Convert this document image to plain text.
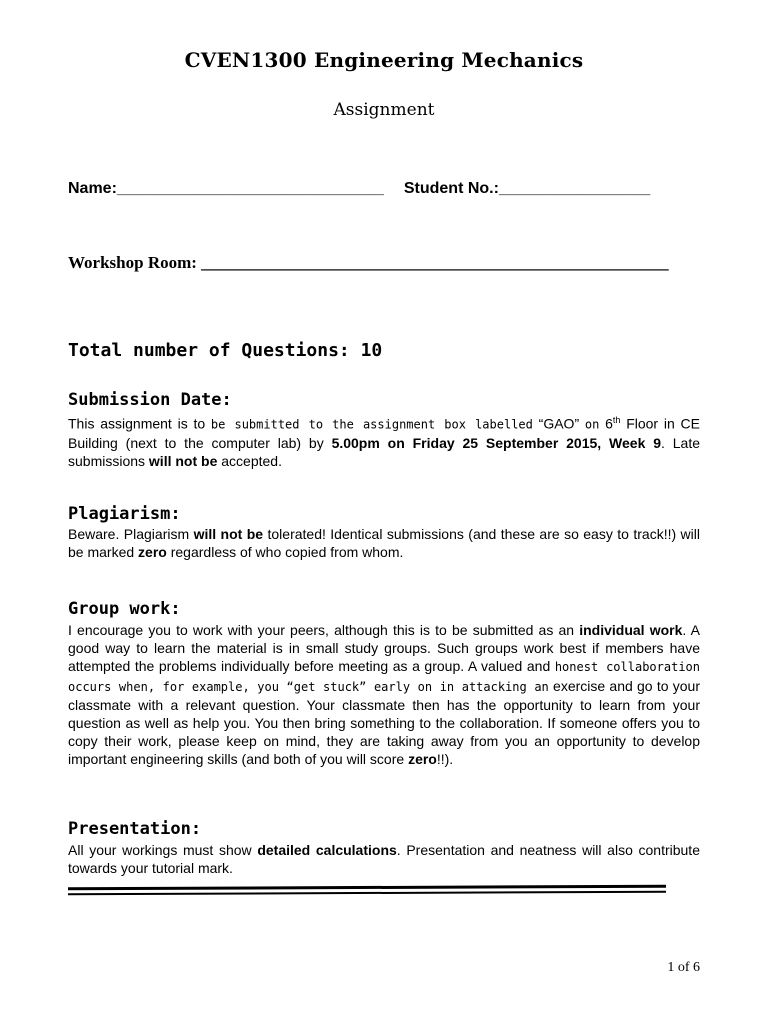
CVEN1300 Engineering Mechanics
Assignment
Name:______________________________ Student No.:_________________
Workshop Room: _______________________________________________________
Total number of Questions: 10
Submission Date:
This assignment is to be submitted to the assignment box labelled “GAO” on 6th Floor in CE Building (next to the computer lab) by 5.00pm on Friday 25 September 2015, Week 9. Late submissions will not be accepted.
Plagiarism:
Beware. Plagiarism will not be tolerated! Identical submissions (and these are so easy to track!!) will be marked zero regardless of who copied from whom.
Group work:
I encourage you to work with your peers, although this is to be submitted as an individual work. A good way to learn the material is in small study groups. Such groups work best if members have attempted the problems individually before meeting as a group. A valued and honest collaboration occurs when, for example, you “get stuck” early on in attacking an exercise and go to your classmate with a relevant question. Your classmate then has the opportunity to learn from your question as well as help you. You then bring something to the collaboration. If someone offers you to copy their work, please keep on mind, they are taking away from you an opportunity to develop important engineering skills (and both of you will score zero!!).
Presentation:
All your workings must show detailed calculations. Presentation and neatness will also contribute towards your tutorial mark.
1 of 6
